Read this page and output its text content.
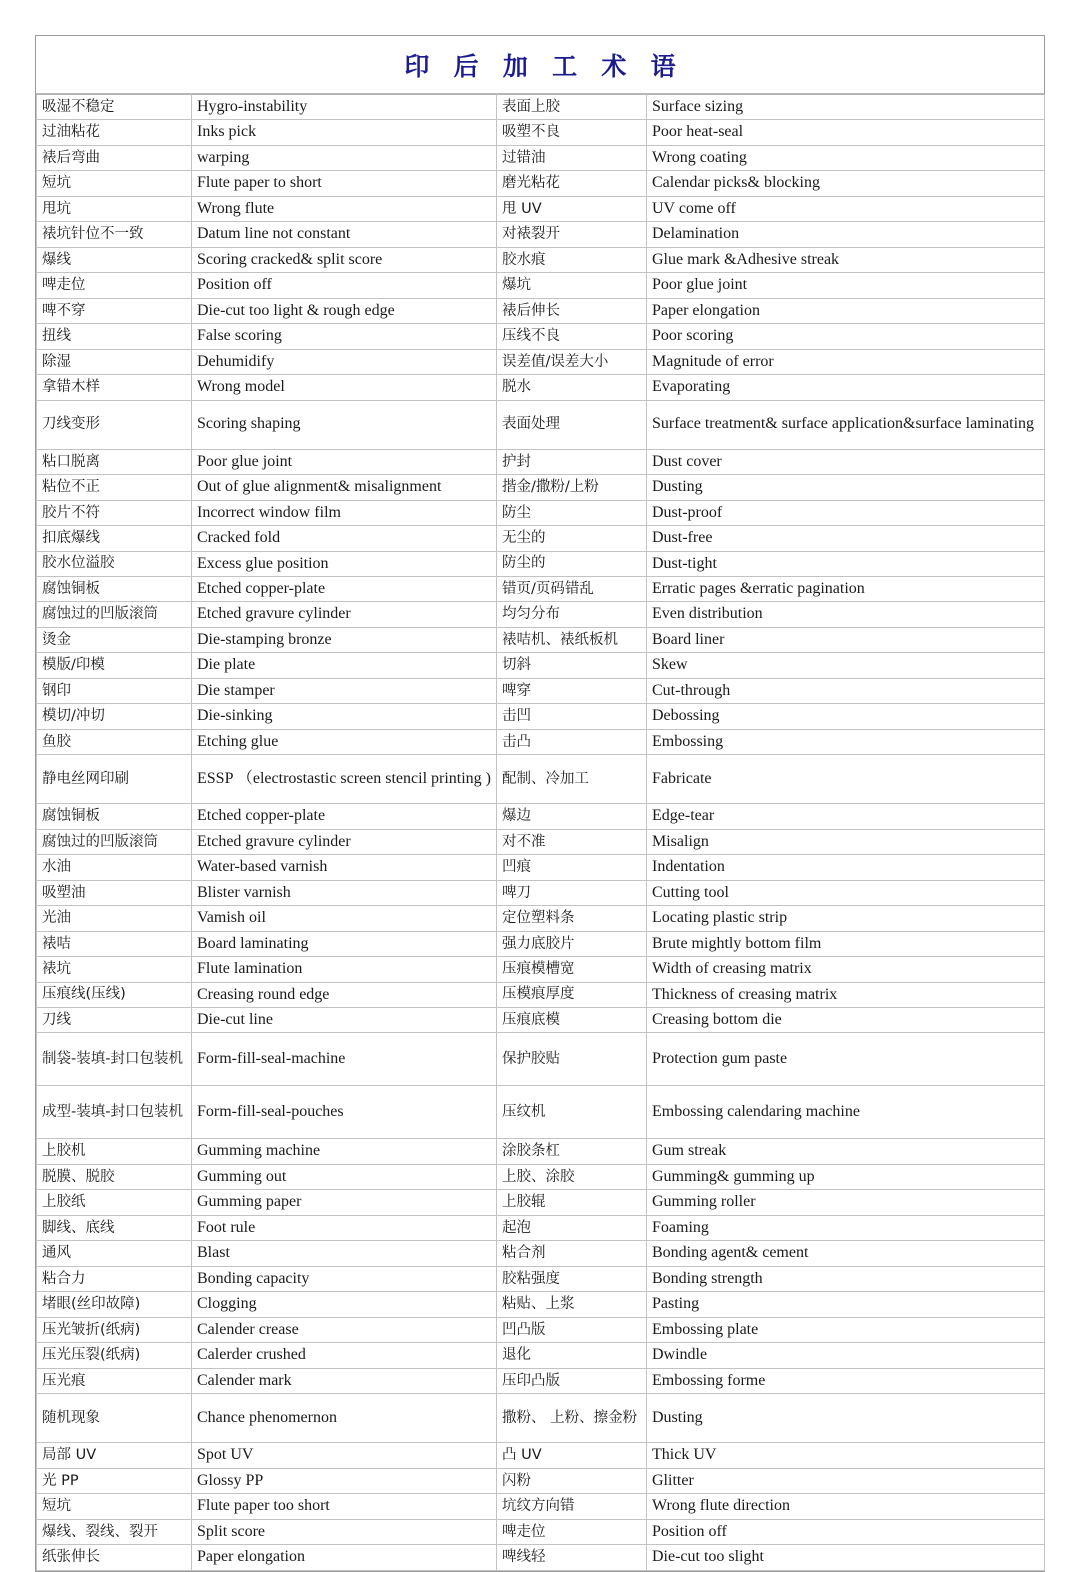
印 后 加 工 术 语
吸湿不稳定	Hygro-instability	表面上胶	Surface sizing
过油粘花	Inks pick	吸塑不良	Poor heat-seal
裱后弯曲	warping	过错油	Wrong coating
短坑	Flute paper to short	磨光粘花	Calendar picks& blocking
甩坑	Wrong flute	甩 UV	UV come off
裱坑针位不一致	Datum line not constant	对裱裂开	Delamination
爆线	Scoring cracked& split score	胶水痕	Glue mark &Adhesive streak
啤走位	Position off	爆坑	Poor glue joint
啤不穿	Die-cut too light & rough edge	裱后伸长	Paper elongation
扭线	False scoring	压线不良	Poor scoring
除湿	Dehumidify	误差值/误差大小	Magnitude of error
拿错木样	Wrong model	脱水	Evaporating
刀线变形	Scoring shaping	表面处理	Surface treatment& surface application&surface laminating
粘口脱离	Poor glue joint	护封	Dust cover
粘位不正	Out of glue alignment& misalignment	揩金/撒粉/上粉	Dusting
胶片不符	Incorrect window film	防尘	Dust-proof
扣底爆线	Cracked fold	无尘的	Dust-free
胶水位溢胶	Excess glue position	防尘的	Dust-tight
腐蚀铜板	Etched copper-plate	错页/页码错乱	Erratic pages &erratic pagination
腐蚀过的凹版滚筒	Etched gravure cylinder	均匀分布	Even distribution
烫金	Die-stamping bronze	裱咭机、裱纸板机	Board liner
模版/印模	Die plate	切斜	Skew
钢印	Die stamper	啤穿	Cut-through
模切/冲切	Die-sinking	击凹	Debossing
鱼胶	Etching glue	击凸	Embossing
静电丝网印刷	ESSP （electrostastic screen stencil printing )	配制、冷加工	Fabricate
腐蚀铜板	Etched copper-plate	爆边	Edge-tear
腐蚀过的凹版滚筒	Etched gravure cylinder	对不准	Misalign
水油	Water-based varnish	凹痕	Indentation
吸塑油	Blister varnish	啤刀	Cutting tool
光油	Vamish oil	定位塑料条	Locating plastic strip
裱咭	Board laminating	强力底胶片	Brute mightly bottom film
裱坑	Flute lamination	压痕模槽宽	Width of creasing matrix
压痕线(压线)	Creasing round edge	压模痕厚度	Thickness of creasing matrix
刀线	Die-cut line	压痕底模	Creasing bottom die
制袋-装填-封口包装机	Form-fill-seal-machine	保护胶贴	Protection gum paste
成型-装填-封口包装机	Form-fill-seal-pouches	压纹机	Embossing calendaring machine
上胶机	Gumming machine	涂胶条杠	Gum streak
脱膜、脱胶	Gumming out	上胶、涂胶	Gumming& gumming up
上胶纸	Gumming paper	上胶辊	Gumming roller
脚线、底线	Foot rule	起泡	Foaming
通风	Blast	粘合剂	Bonding agent& cement
粘合力	Bonding capacity	胶粘强度	Bonding strength
堵眼(丝印故障)	Clogging	粘贴、上浆	Pasting
压光皱折(纸病)	Calender crease	凹凸版	Embossing plate
压光压裂(纸病)	Calerder crushed	退化	Dwindle
压光痕	Calender mark	压印凸版	Embossing forme
随机现象	Chance phenomernon	撒粉、 上粉、擦金粉	Dusting
局部 UV	Spot UV	凸 UV	Thick UV
光 PP	Glossy PP	闪粉	Glitter
短坑	Flute paper too short	坑纹方向错	Wrong flute direction
爆线、裂线、裂开	Split score	啤走位	Position off
纸张伸长	Paper elongation	啤线轻	Die-cut too slight
